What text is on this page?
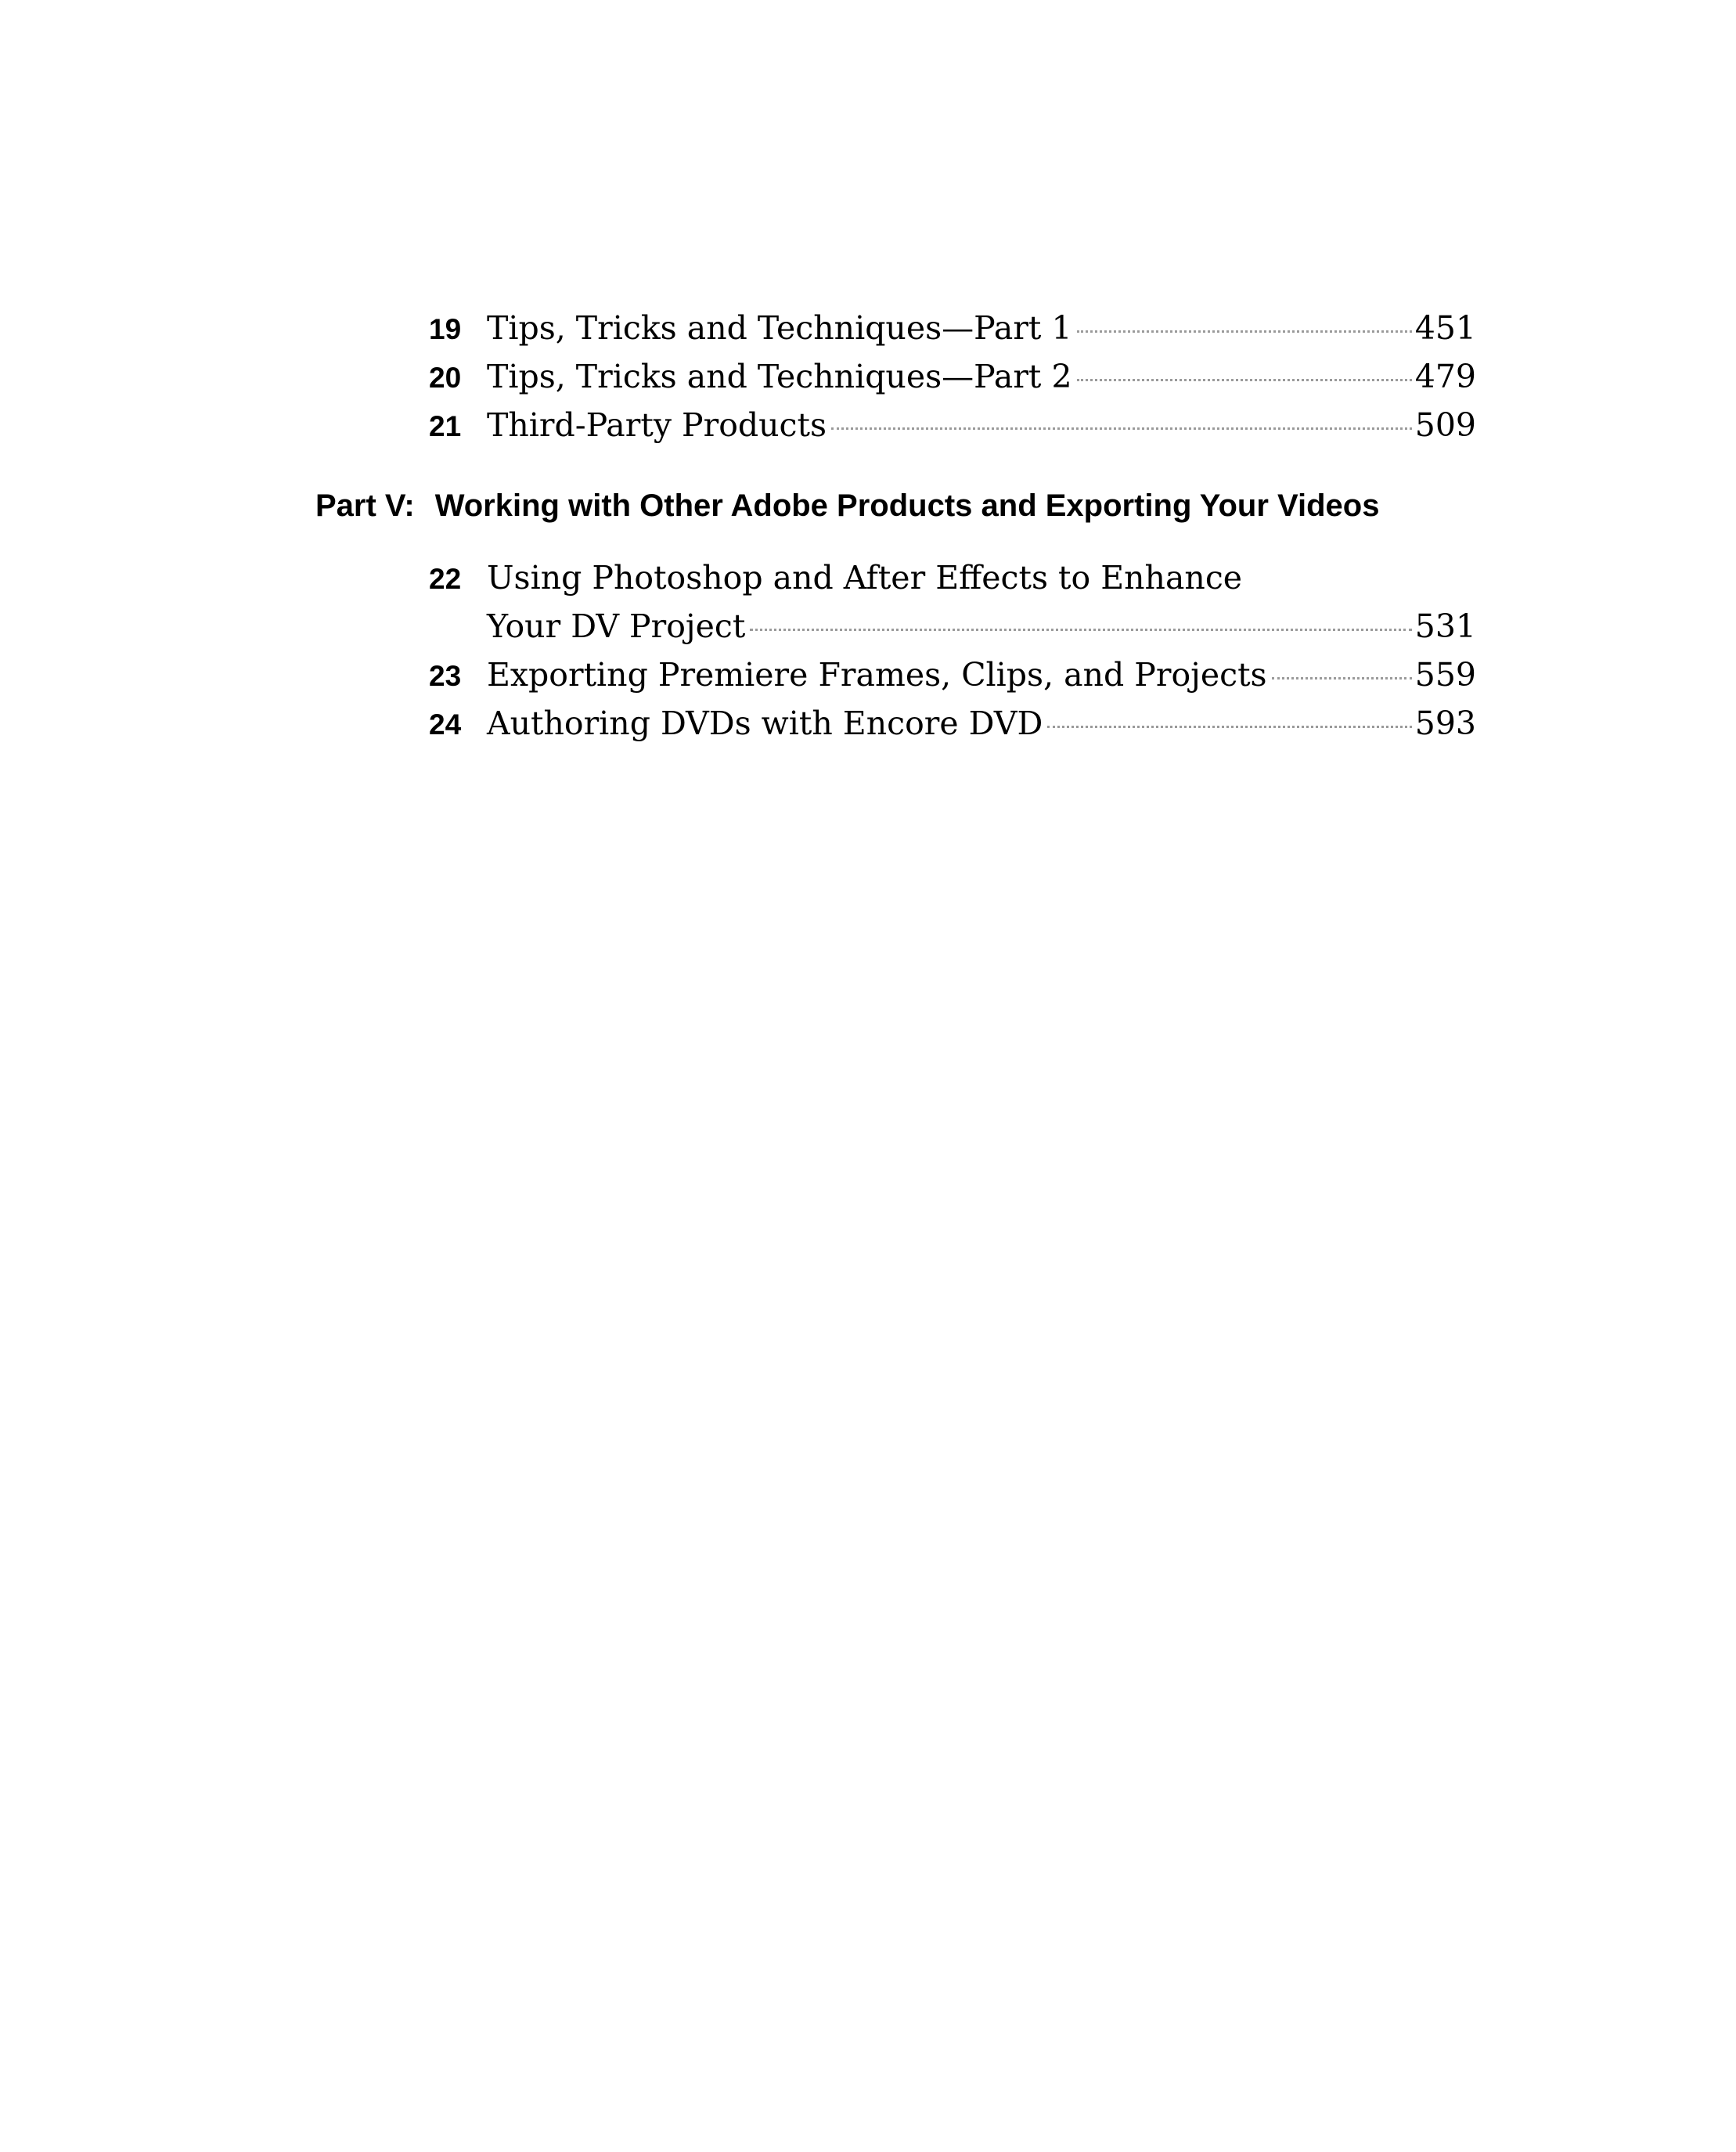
19 Tips, Tricks and Techniques—Part 1	451
20 Tips, Tricks and Techniques—Part 2	479
21 Third-Party Products	509
Part V: Working with Other Adobe Products and Exporting Your Videos
22 Using Photoshop and After Effects to Enhance
Your DV Project	531
23 Exporting Premiere Frames, Clips, and Projects	559
24 Authoring DVDs with Encore DVD	593
